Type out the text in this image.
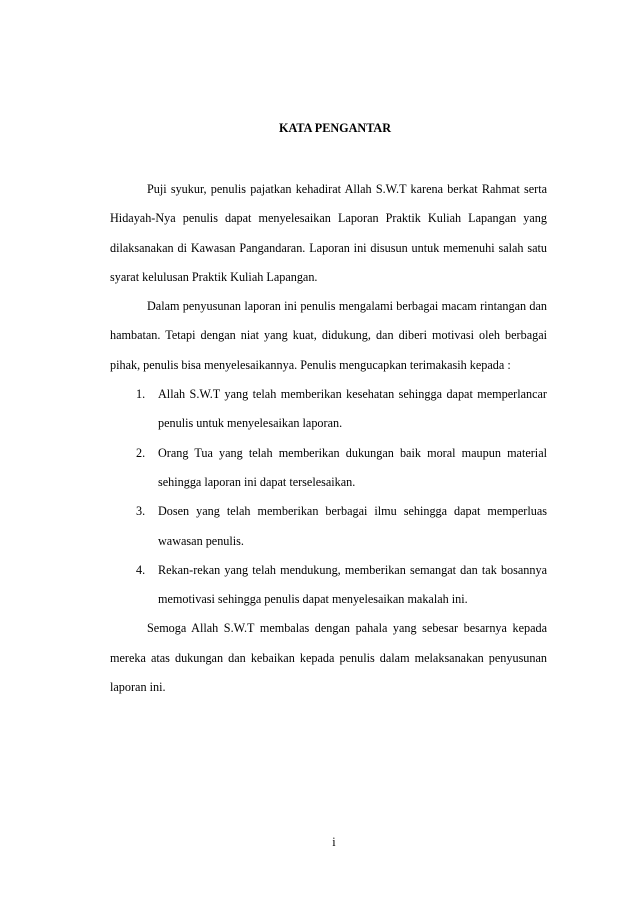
KATA PENGANTAR

Puji syukur, penulis pajatkan kehadirat Allah S.W.T karena berkat Rahmat serta Hidayah-Nya penulis dapat menyelesaikan Laporan Praktik Kuliah Lapangan yang dilaksanakan di Kawasan Pangandaran. Laporan ini disusun untuk memenuhi salah satu syarat kelulusan Praktik Kuliah Lapangan.

Dalam penyusunan laporan ini penulis mengalami berbagai macam rintangan dan hambatan. Tetapi dengan niat yang kuat, didukung, dan diberi motivasi oleh berbagai pihak, penulis bisa menyelesaikannya. Penulis mengucapkan terimakasih kepada :

1. Allah S.W.T yang telah memberikan kesehatan sehingga dapat memperlancar penulis untuk menyelesaikan laporan.
2. Orang Tua yang telah memberikan dukungan baik moral maupun material sehingga laporan ini dapat terselesaikan.
3. Dosen yang telah memberikan berbagai ilmu sehingga dapat memperluas wawasan penulis.
4. Rekan-rekan yang telah mendukung, memberikan semangat dan tak bosannya memotivasi sehingga penulis dapat menyelesaikan makalah ini.

Semoga Allah S.W.T membalas dengan pahala yang sebesar besarnya kepada mereka atas dukungan dan kebaikan kepada penulis dalam melaksanakan penyusunan laporan ini.

i
